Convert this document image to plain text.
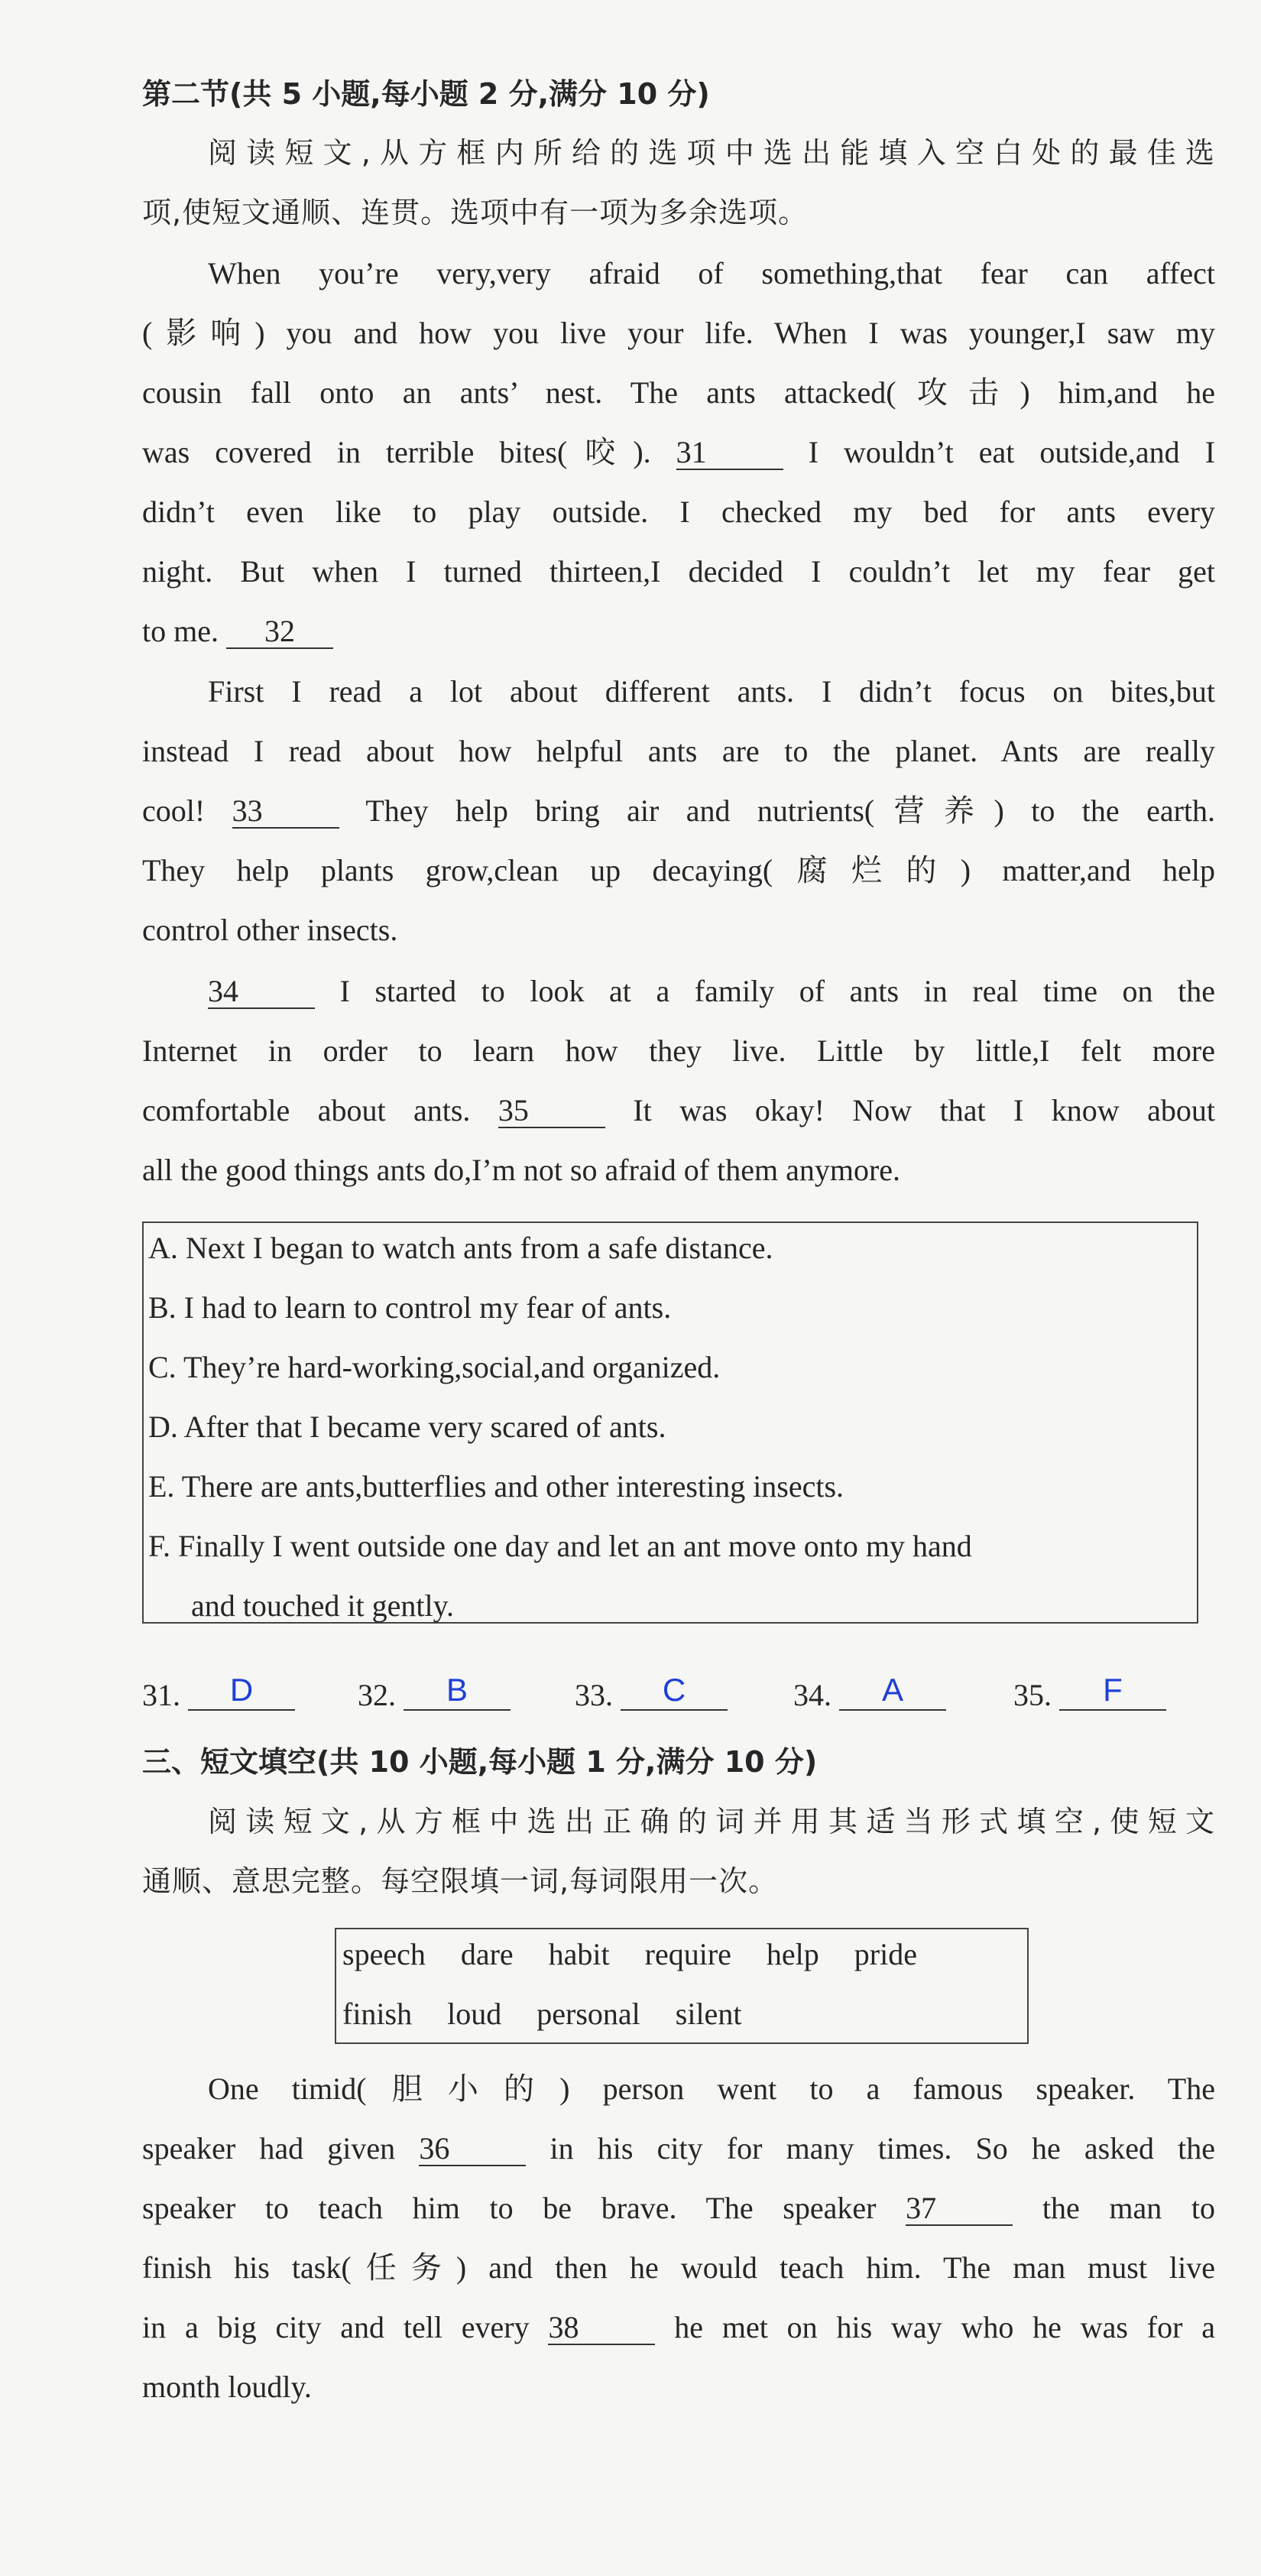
第二节(共 5 小题,每小题 2 分,满分 10 分)
阅读短文,从方框内所给的选项中选出能填入空白处的最佳选
项,使短文通顺、连贯。选项中有一项为多余选项。
When you’re very,very afraid of something,that fear can affect
(影响) you and how you live your life. When I was younger,I saw my
cousin fall onto an ants’ nest. The ants attacked(攻击) him,and he
was covered in terrible bites(咬). 31	I wouldn’t eat outside,and I
didn’t even like to play outside. I checked my bed for ants every
night. But when I turned thirteen,I decided I couldn’t let my fear get
to me. 32
First I read a lot about different ants. I didn’t focus on bites,but
instead I read about how helpful ants are to the planet. Ants are really
cool! 33	They help bring air and nutrients(营养) to the earth.
They help plants grow,clean up decaying(腐烂的) matter,and help
control other insects.
34	I started to look at a family of ants in real time on the
Internet in order to learn how they live. Little by little,I felt more
comfortable about ants. 35	It was okay! Now that I know about
all the good things ants do,I’m not so afraid of them anymore.
A. Next I began to watch ants from a safe distance.
B. I had to learn to control my fear of ants.
C. They’re hard-working,social,and organized.
D. After that I became very scared of ants.
E. There are ants,butterflies and other interesting insects.
F. Finally I went outside one day and let an ant move onto my hand
and touched it gently.
31. D	32. B	33. C	34. A	35. F
三、短文填空(共 10 小题,每小题 1 分,满分 10 分)
阅读短文,从方框中选出正确的词并用其适当形式填空,使短文
通顺、意思完整。每空限填一词,每词限用一次。
speech dare habit require help pride
finish loud personal silent
One timid(胆小的) person went to a famous speaker. The
speaker had given 36	in his city for many times. So he asked the
speaker to teach him to be brave. The speaker 37	the man to
finish his task(任务) and then he would teach him. The man must live
in a big city and tell every 38	he met on his way who he was for a
month loudly.
